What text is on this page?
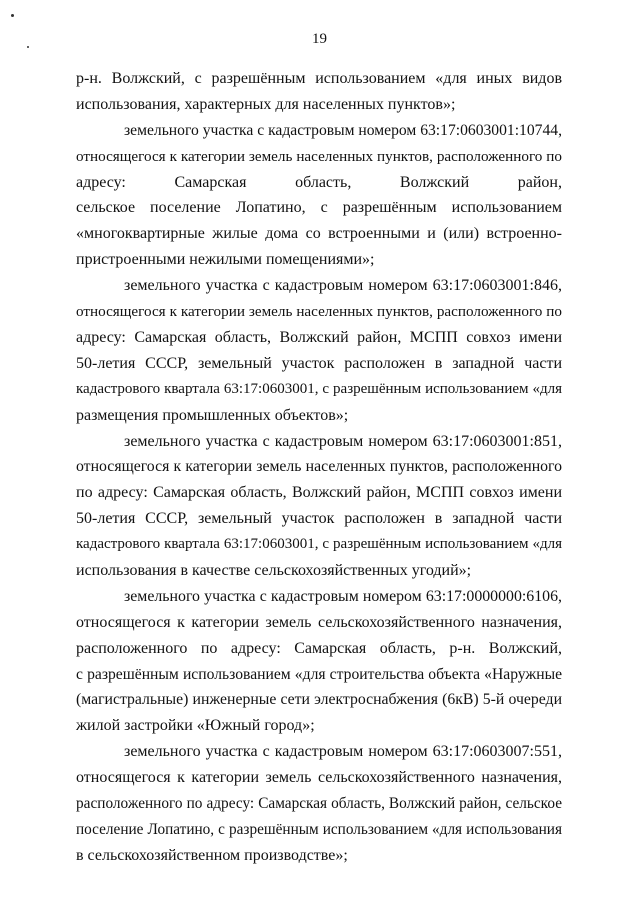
19

р-н. Волжский, с разрешённым использованием «для иных видов
использования, характерных для населенных пунктов»;

земельного участка с кадастровым номером 63:17:0603001:10744,
относящегося к категории земель населенных пунктов, расположенного по
адресу: Самарская область, Волжский район,
сельское поселение Лопатино, с разрешённым использованием
«многоквартирные жилые дома со встроенными и (или) встроенно-
пристроенными нежилыми помещениями»;

земельного участка с кадастровым номером 63:17:0603001:846,
относящегося к категории земель населенных пунктов, расположенного по
адресу: Самарская область, Волжский район, МСПП совхоз имени
50-летия СССР, земельный участок расположен в западной части
кадастрового квартала 63:17:0603001, с разрешённым использованием «для
размещения промышленных объектов»;

земельного участка с кадастровым номером 63:17:0603001:851,
относящегося к категории земель населенных пунктов, расположенного
по адресу: Самарская область, Волжский район, МСПП совхоз имени
50-летия СССР, земельный участок расположен в западной части
кадастрового квартала 63:17:0603001, с разрешённым использованием «для
использования в качестве сельскохозяйственных угодий»;

земельного участка с кадастровым номером 63:17:0000000:6106,
относящегося к категории земель сельскохозяйственного назначения,
расположенного по адресу: Самарская область, р-н. Волжский,
с разрешённым использованием «для строительства объекта «Наружные
(магистральные) инженерные сети электроснабжения (6кВ) 5-й очереди
жилой застройки «Южный город»;

земельного участка с кадастровым номером 63:17:0603007:551,
относящегося к категории земель сельскохозяйственного назначения,
расположенного по адресу: Самарская область, Волжский район, сельское
поселение Лопатино, с разрешённым использованием «для использования
в сельскохозяйственном производстве»;
